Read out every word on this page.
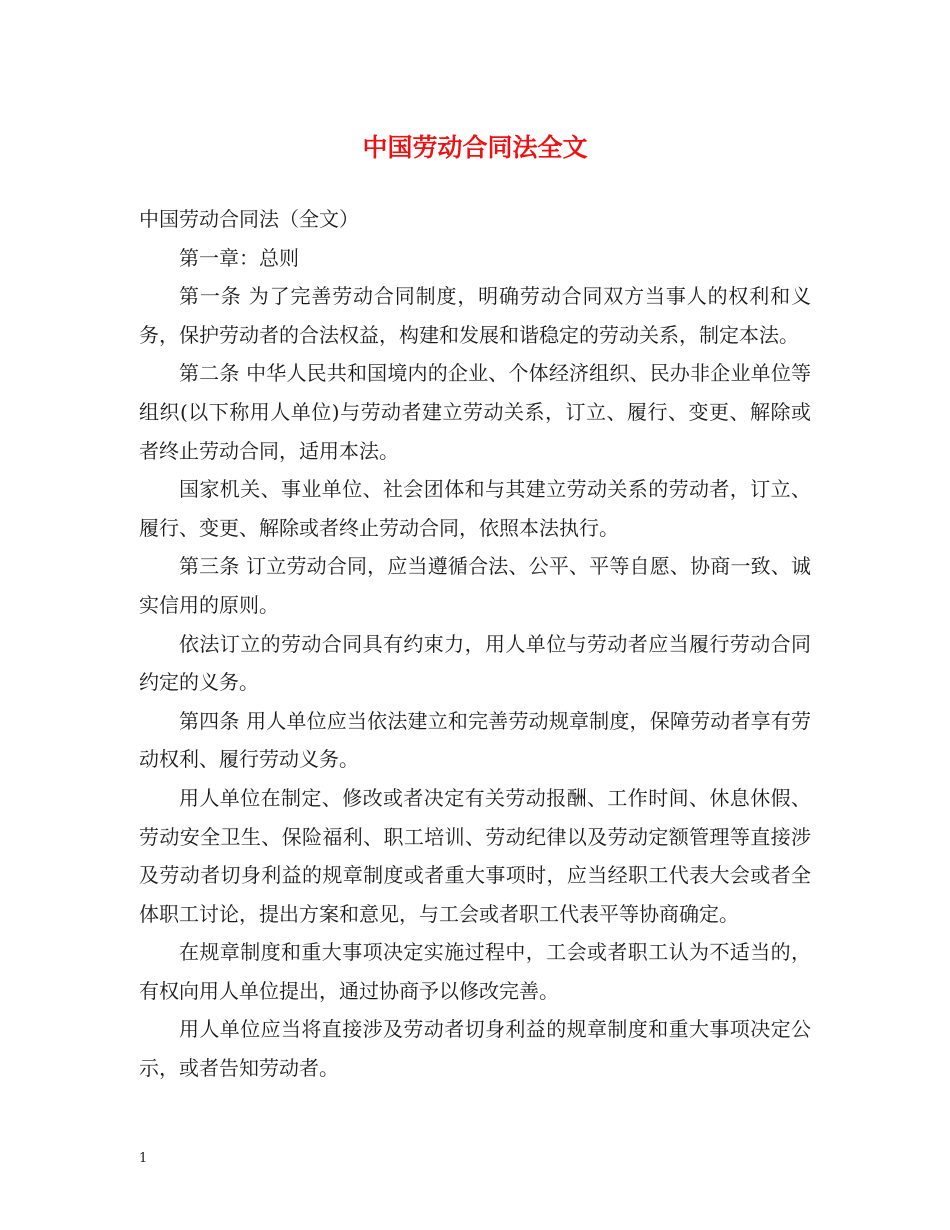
中国劳动合同法全文

中国劳动合同法（全文）

第一章：总则

第一条 为了完善劳动合同制度，明确劳动合同双方当事人的权利和义务，保护劳动者的合法权益，构建和发展和谐稳定的劳动关系，制定本法。

第二条 中华人民共和国境内的企业、个体经济组织、民办非企业单位等组织(以下称用人单位)与劳动者建立劳动关系，订立、履行、变更、解除或者终止劳动合同，适用本法。

国家机关、事业单位、社会团体和与其建立劳动关系的劳动者，订立、履行、变更、解除或者终止劳动合同，依照本法执行。

第三条 订立劳动合同，应当遵循合法、公平、平等自愿、协商一致、诚实信用的原则。

依法订立的劳动合同具有约束力，用人单位与劳动者应当履行劳动合同约定的义务。

第四条 用人单位应当依法建立和完善劳动规章制度，保障劳动者享有劳动权利、履行劳动义务。

用人单位在制定、修改或者决定有关劳动报酬、工作时间、休息休假、劳动安全卫生、保险福利、职工培训、劳动纪律以及劳动定额管理等直接涉及劳动者切身利益的规章制度或者重大事项时，应当经职工代表大会或者全体职工讨论，提出方案和意见，与工会或者职工代表平等协商确定。

在规章制度和重大事项决定实施过程中，工会或者职工认为不适当的，有权向用人单位提出，通过协商予以修改完善。

用人单位应当将直接涉及劳动者切身利益的规章制度和重大事项决定公示，或者告知劳动者。

1
